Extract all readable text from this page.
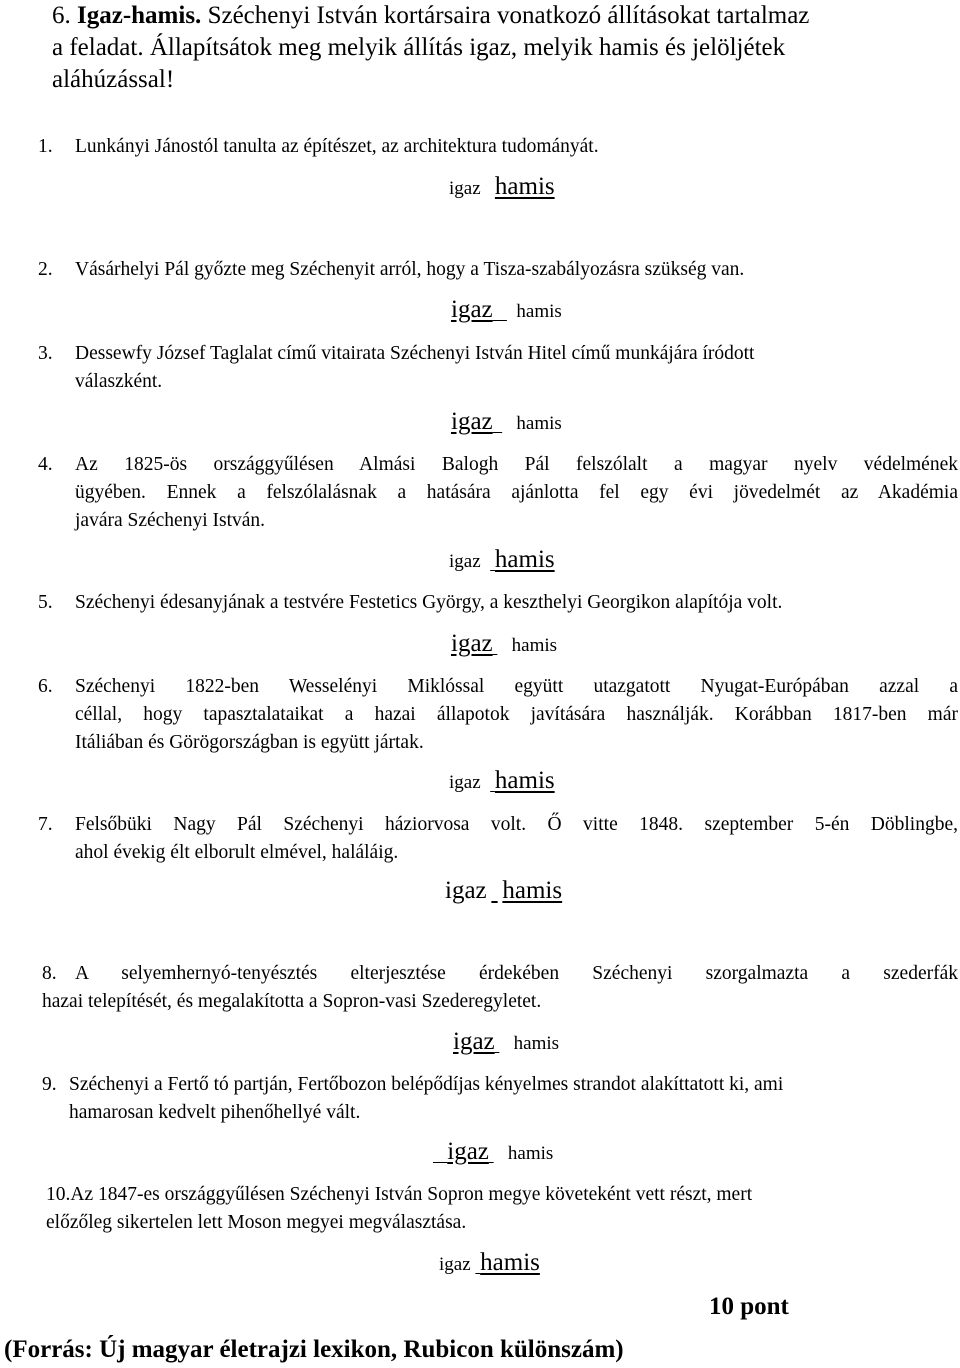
6. Igaz-hamis. Széchenyi István kortársaira vonatkozó állításokat tartalmaz
a feladat. Állapítsátok meg melyik állítás igaz, melyik hamis és jelöljétek
aláhúzással!
1. Lunkányi Jánostól tanulta az építészet, az architektura tudományát.
igaz hamis
2. Vásárhelyi Pál győzte meg Széchenyit arról, hogy a Tisza-szabályozásra szükség van.
igaz hamis
3. Dessewfy József Taglalat című vitairata Széchenyi István Hitel című munkájára íródott
válaszként.
igaz hamis
4.	Az 1825-ös országgyűlésen Almási Balogh Pál felszólalt a magyar nyelv védelmének
ügyében. Ennek a felszólalásnak a hatására ajánlotta fel egy évi jövedelmét az Akadémia
javára Széchenyi István.
igaz hamis
5. Széchenyi édesanyjának a testvére Festetics György, a keszthelyi Georgikon alapítója volt.
igaz hamis
6.	Széchenyi 1822-ben Wesselényi Miklóssal együtt utazgatott Nyugat-Európában azzal a
céllal, hogy tapasztalataikat a hazai állapotok javítására használják. Korábban 1817-ben már
Itáliában és Görögországban is együtt jártak.
igaz hamis
7.	Felsőbüki Nagy Pál Széchenyi háziorvosa volt. Ő vitte 1848. szeptember 5-én Döblingbe,
ahol évekig élt elborult elmével, haláláig.
igaz hamis
8. A selyemhernyó-tenyésztés elterjesztése érdekében Széchenyi szorgalmazta a szederfák
hazai telepítését, és megalakította a Sopron-vasi Szederegyletet.
igaz hamis
9. Széchenyi a Fertő tó partján, Fertőbozon belépődíjas kényelmes strandot alakíttatott ki, ami
hamarosan kedvelt pihenőhellyé vált.
igaz hamis
10.Az 1847-es országgyűlésen Széchenyi István Sopron megye követeként vett részt, mert
előzőleg sikertelen lett Moson megyei megválasztása.
igaz hamis
10 pont
(Forrás: Új magyar életrajzi lexikon, Rubicon különszám)
